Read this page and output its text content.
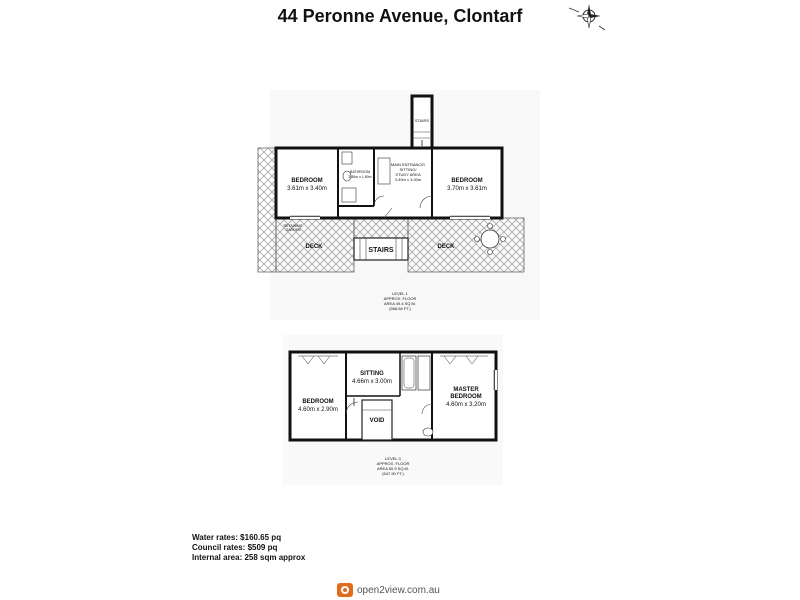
44 Peronne Avenue, Clontarf
BEDROOM
3.61m x 3.40m
BATHROOM
2.80m x 1.80m
MAIN ENTRANCE/
SITTING/
STUDY AREA
3.40m x 3.00m	BEDROOM
3.70m x 3.61m
STAIRS
STAIRS
DECK	DECK
RETAINING
GARDEN
LEVEL 1
APPROX. FLOOR
AREA 49.4 SQ.M.
(568.84 FT.)
BEDROOM
4.60m x 2.90m
SITTING
4.66m x 3.00m
VOID
MASTER
BEDROOM
4.60m x 3.20m
LEVEL 0
APPROX. FLOOR
AREA 50.9 SQ.M.
(547.90 FT.)
Water rates: $160.65 pq
Council rates: $509 pq
Internal area: 258 sqm approx
open2view.com.au
